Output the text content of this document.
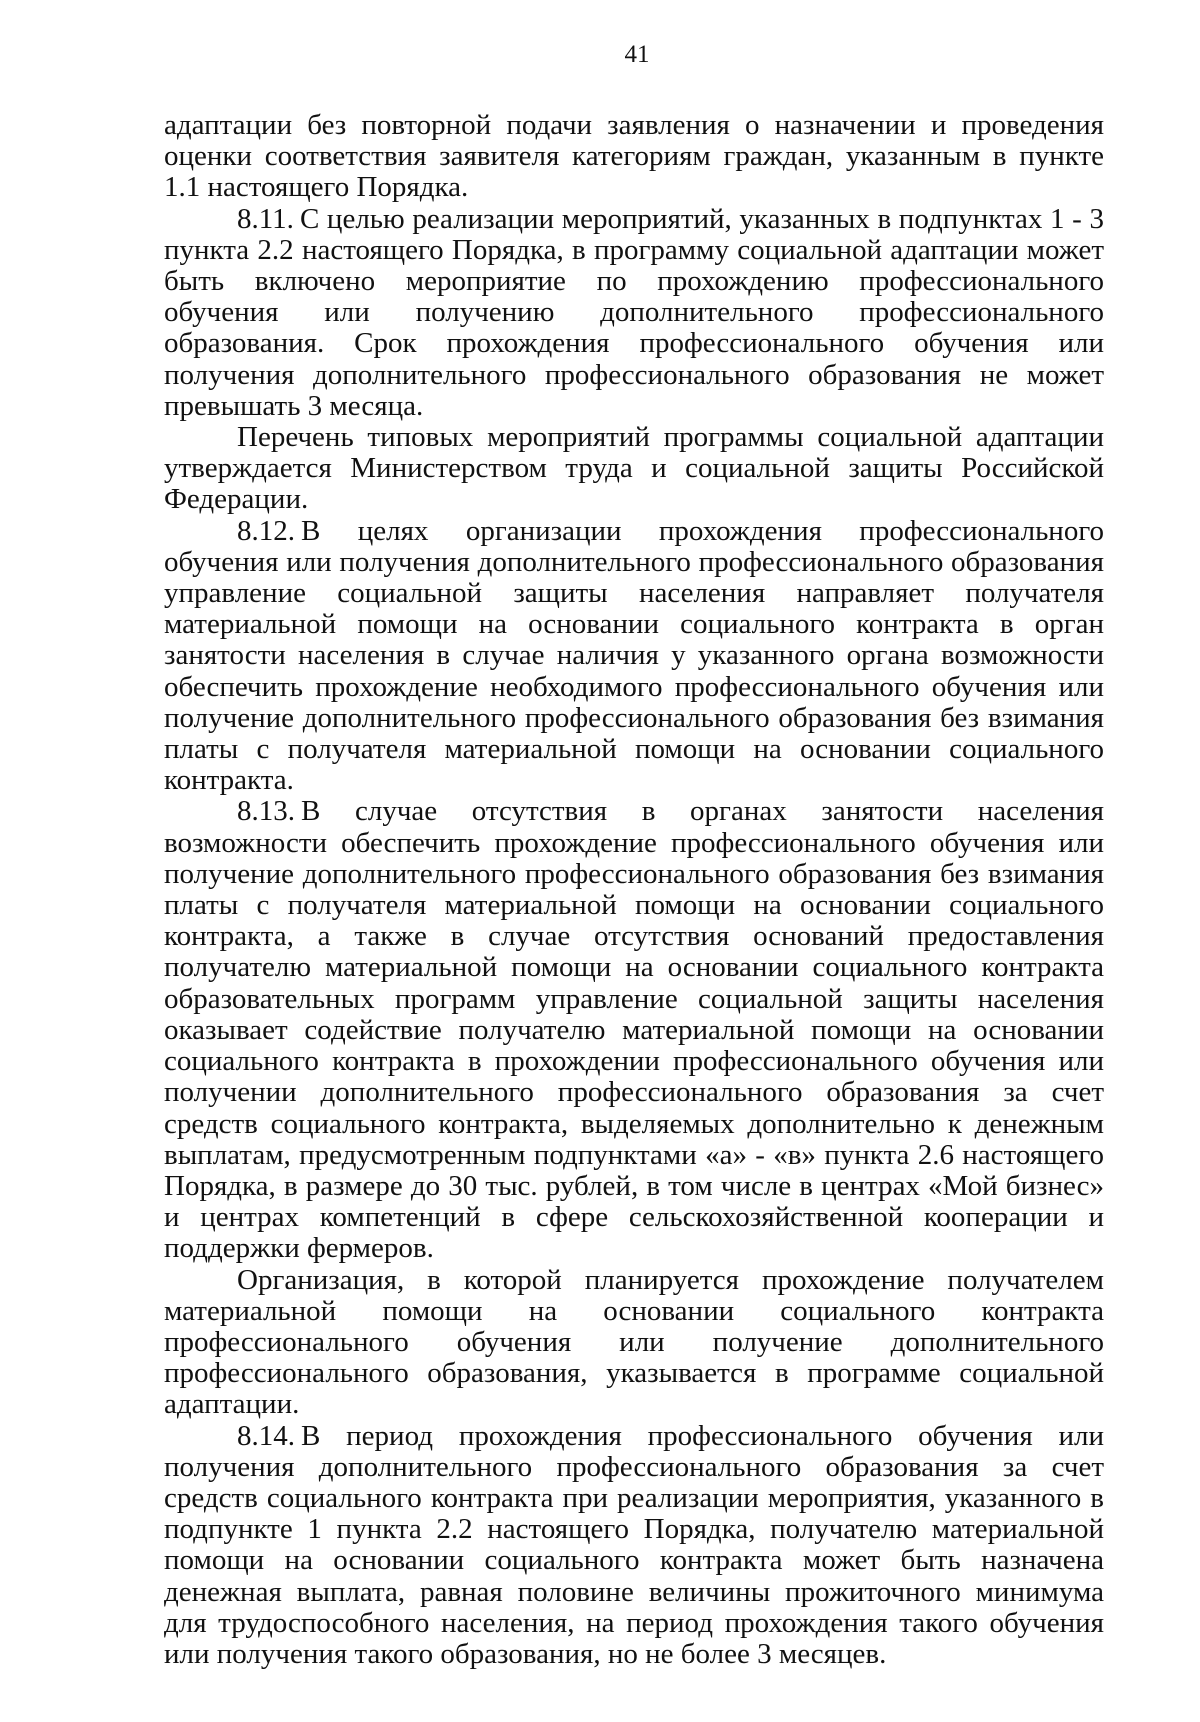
41

адаптации без повторной подачи заявления о назначении и проведения оценки соответствия заявителя категориям граждан, указанным в пункте 1.1 настоящего Порядка.

8.11. С целью реализации мероприятий, указанных в подпунктах 1 - 3 пункта 2.2 настоящего Порядка, в программу социальной адаптации может быть включено мероприятие по прохождению профессионального обучения или получению дополнительного профессионального образования. Срок прохождения профессионального обучения или получения дополнительного профессионального образования не может превышать 3 месяца.

Перечень типовых мероприятий программы социальной адаптации утверждается Министерством труда и социальной защиты Российской Федерации.

8.12. В целях организации прохождения профессионального обучения или получения дополнительного профессионального образования управление социальной защиты населения направляет получателя материальной помощи на основании социального контракта в орган занятости населения в случае наличия у указанного органа возможности обеспечить прохождение необходимого профессионального обучения или получение дополнительного профессионального образования без взимания платы с получателя материальной помощи на основании социального контракта.

8.13. В случае отсутствия в органах занятости населения возможности обеспечить прохождение профессионального обучения или получение дополнительного профессионального образования без взимания платы с получателя материальной помощи на основании социального контракта, а также в случае отсутствия оснований предоставления получателю материальной помощи на основании социального контракта образовательных программ управление социальной защиты населения оказывает содействие получателю материальной помощи на основании социального контракта в прохождении профессионального обучения или получении дополнительного профессионального образования за счет средств социального контракта, выделяемых дополнительно к денежным выплатам, предусмотренным подпунктами «а» - «в» пункта 2.6 настоящего Порядка, в размере до 30 тыс. рублей, в том числе в центрах «Мой бизнес» и центрах компетенций в сфере сельскохозяйственной кооперации и поддержки фермеров.

Организация, в которой планируется прохождение получателем материальной помощи на основании социального контракта профессионального обучения или получение дополнительного профессионального образования, указывается в программе социальной адаптации.

8.14. В период прохождения профессионального обучения или получения дополнительного профессионального образования за счет средств социального контракта при реализации мероприятия, указанного в подпункте 1 пункта 2.2 настоящего Порядка, получателю материальной помощи на основании социального контракта может быть назначена денежная выплата, равная половине величины прожиточного минимума для трудоспособного населения, на период прохождения такого обучения или получения такого образования, но не более 3 месяцев.
